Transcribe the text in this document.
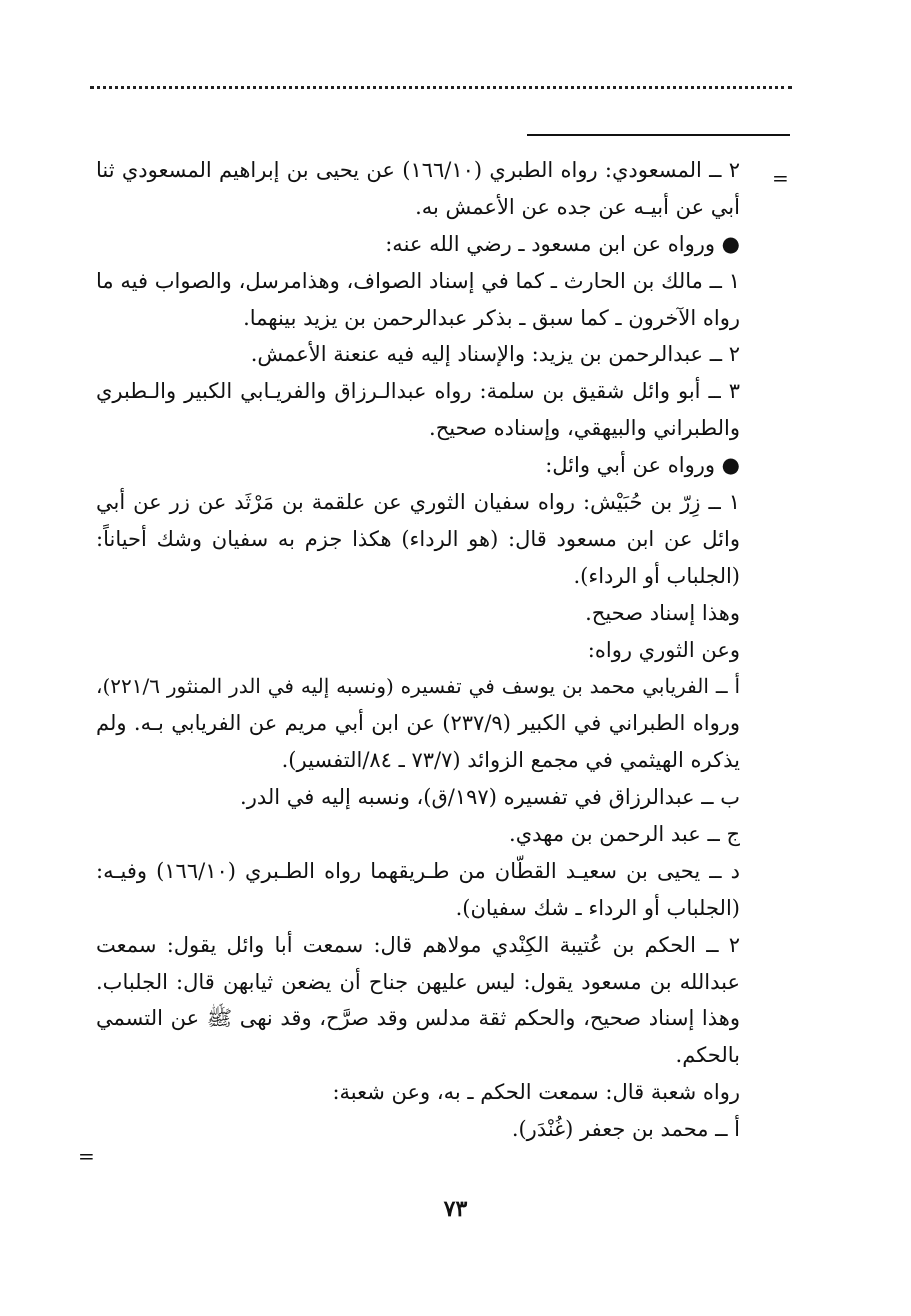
=
=
٢ ــ المسعودي: رواه الطبري (١٦٦/١٠) عن يحيى بن إبراهيم المسعودي ثنا
أبي عن أبيـه عن جده عن الأعمش به.
● ورواه عن ابن مسعود ـ رضي الله عنه:
١ ــ مالك بن الحارث ـ كما في إسناد الصواف، وهذامرسل، والصواب فيه ما
رواه الآخرون ـ كما سبق ـ بذكر عبدالرحمن بن يزيد بينهما.
٢ ــ عبدالرحمن بن يزيد: والإسناد إليه فيه عنعنة الأعمش.
٣ ــ أبو وائل شقيق بن سلمة: رواه عبدالـرزاق والفريـابي الكبير والـطبري
والطبراني والبيهقي، وإسناده صحيح.
● ورواه عن أبي وائل:
١ ــ زِرّ بن حُبَيْش: رواه سفيان الثوري عن علقمة بن مَرْثَد عن زر عن أبي
وائل عن ابن مسعود قال: (هو الرداء) هكذا جزم به سفيان وشك أحياناً:
(الجلباب أو الرداء).
وهذا إسناد صحيح.
وعن الثوري رواه:
أ ــ الفريابي محمد بن يوسف في تفسيره (ونسبه إليه في الدر المنثور ٢٢١/٦)،
ورواه الطبراني في الكبير (٢٣٧/٩) عن ابن أبي مريم عن الفريابي بـه. ولم
يذكره الهيثمي في مجمع الزوائد (٧٣/٧ ـ ٨٤/التفسير).
ب ــ عبدالرزاق في تفسيره (١٩٧/ق)، ونسبه إليه في الدر.
ج ــ عبد الرحمن بن مهدي.
د ــ يحيى بن سعيـد القطّان من طـريقهما رواه الطـبري (١٦٦/١٠) وفيـه:
(الجلباب أو الرداء ـ شك سفيان).
٢ ــ الحكم بن عُتيبة الكِنْدي مولاهم قال: سمعت أبا وائل يقول: سمعت
عبدالله بن مسعود يقول: ليس عليهن جناح أن يضعن ثيابهن قال: الجلباب.
وهذا إسناد صحيح، والحكم ثقة مدلس وقد صرَّح، وقد نهى ﷺ عن التسمي
بالحكم.
رواه شعبة قال: سمعت الحكم ـ به، وعن شعبة:
أ ــ محمد بن جعفر (غُنْدَر).
٧٣
